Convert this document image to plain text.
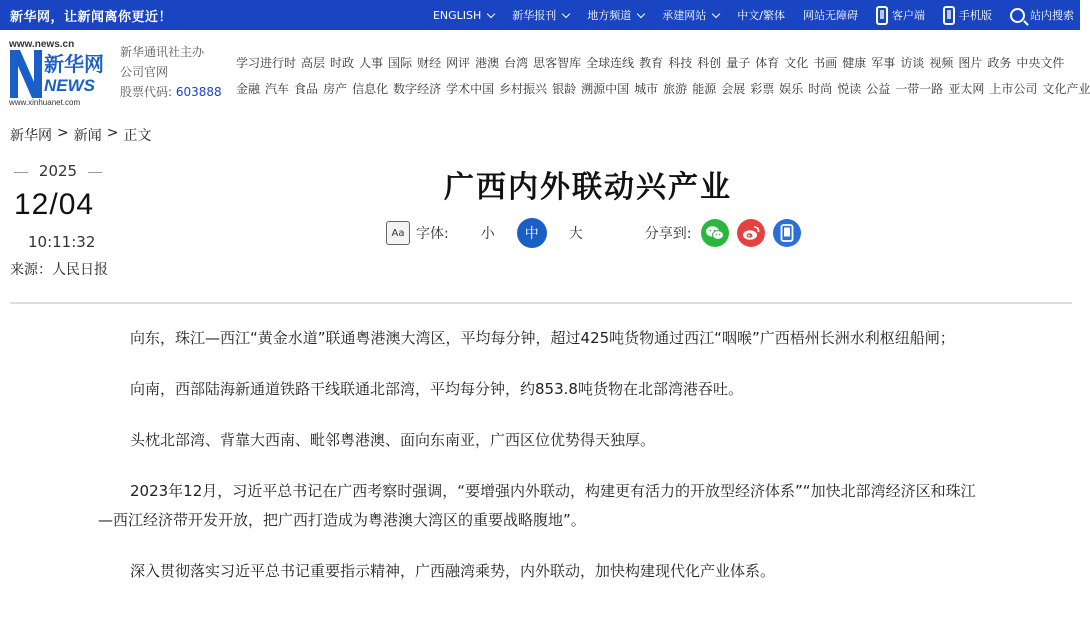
新华网，让新闻离你更近！	ENGLISH	新华报刊	地方频道	承建网站	中文/繁体 网站无障碍	客户端	手机版	站内搜索
www.news.cn
新华网
NEWS
www.xinhuanet.com
新华通讯社主办
公司官网
股票代码: 603888
学习进行时 高层 时政 人事 国际 财经 网评 港澳 台湾 思客智库 全球连线 教育 科技 科创 量子 体育 文化 书画 健康 军事 访谈 视频 图片 政务 中央文件
金融 汽车 食品 房产 信息化 数字经济 学术中国 乡村振兴 银龄 溯源中国 城市 旅游 能源 会展 彩票 娱乐 时尚 悦读 公益 一带一路 亚太网 上市公司 文化产业
新华网 > 新闻 > 正文
2025
12/04
10:11:32
来源： 人民日报
广西内外联动兴产业
Aa 字体:	小	中	大	分享到:

向东，珠江—西江“黄金水道”联通粤港澳大湾区，平均每分钟，超过425吨货物通过西江“咽喉”广西梧州长洲水利枢纽船闸；

向南，西部陆海新通道铁路干线联通北部湾，平均每分钟，约853.8吨货物在北部湾港吞吐。

头枕北部湾、背靠大西南、毗邻粤港澳、面向东南亚，广西区位优势得天独厚。

2023年12月，习近平总书记在广西考察时强调，“要增强内外联动，构建更有活力的开放型经济体系”“加快北部湾经济区和珠江—西江经济带开发开放，把广西打造成为粤港澳大湾区的重要战略腹地”。

深入贯彻落实习近平总书记重要指示精神，广西融湾乘势，内外联动，加快构建现代化产业体系。
